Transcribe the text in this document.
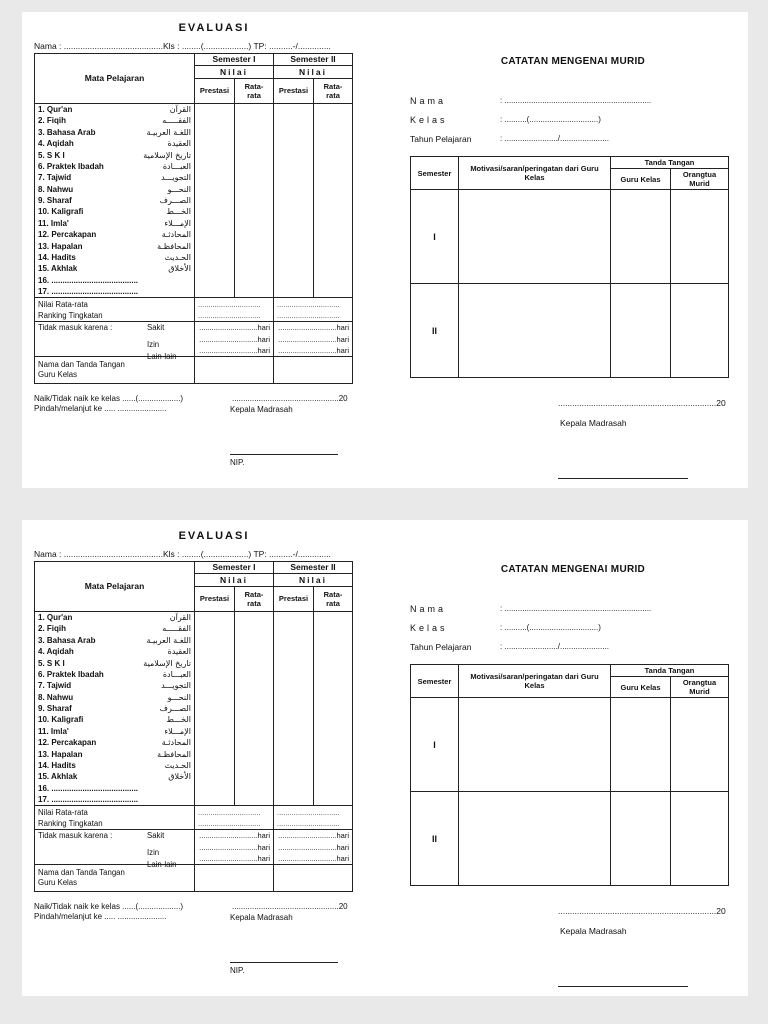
EVALUASI
Nama : ..........................................Kls : ........(...................) TP: ..........-/..............
Mata Pelajaran	Semester I		Semester II	
	Nilai		Nilai	
	Prestasi	Rata-rata	Prestasi	Rata-rata

1. Qur'an القرآن				

2. Fiqih الفقـــــه				

3. Bahasa Arab اللغـة العربيـة				

4. Aqidah العقيدة				

5. S K I تاريخ الإسلامية				

6. Praktek Ibadah العبـــادة				

7. Tajwid التجويـــد				

8. Nahwu النحـــو				

9. Sharaf الصـــرف				

10. Kaligrafi الخـــط				

11. Imla' الإمـــلاء				

12. Percakapan المحادثـة				

13. Hapalan المحافظـة				

14. Hadits الحـديث				

15. Akhlak الأخلاق				

16. .......................................				

17. .......................................				

Nilai Rata-rata	..............................		..............................	
Ranking Tingkatan	..............................		..............................	
Tidak masuk karena : Sakit	............................hari		............................hari	

Izin	............................hari		............................hari	

Lain-lain	............................hari		............................hari	

Nama dan Tanda Tangan
Guru Kelas				

Naik/Tidak naik ke kelas ......(...................)
Pindah/melanjut ke ..... ......................
................................................20
Kepala Madrasah
NIP.
CATATAN MENGENAI MURID
Nama	: ..................................................................
Kelas	: ..........(...............................)
Tahun Pelajaran	: ......................../......................
Semester	Motivasi/saran/peringatan dari Guru Kelas	Tanda Tangan	
		Guru Kelas	Orangtua Murid
I			
II			
...................................................................20
Kepala Madrasah
EVALUASI
Nama : ..........................................Kls : ........(...................) TP: ..........-/..............
Mata Pelajaran	Semester I		Semester II	
	Nilai		Nilai	
	Prestasi	Rata-rata	Prestasi	Rata-rata

1. Qur'an القرآن				

2. Fiqih الفقـــــه				

3. Bahasa Arab اللغـة العربيـة				

4. Aqidah العقيدة				

5. S K I تاريخ الإسلامية				

6. Praktek Ibadah العبـــادة				

7. Tajwid التجويـــد				

8. Nahwu النحـــو				

9. Sharaf الصـــرف				

10. Kaligrafi الخـــط				

11. Imla' الإمـــلاء				

12. Percakapan المحادثـة				

13. Hapalan المحافظـة				

14. Hadits الحـديث				

15. Akhlak الأخلاق				

16. .......................................				

17. .......................................				

Nilai Rata-rata	..............................		..............................	
Ranking Tingkatan	..............................		..............................	
Tidak masuk karena : Sakit	............................hari		............................hari	

Izin	............................hari		............................hari	

Lain-lain	............................hari		............................hari	

Nama dan Tanda Tangan
Guru Kelas				

Naik/Tidak naik ke kelas ......(...................)
Pindah/melanjut ke ..... ......................
................................................20
Kepala Madrasah
NIP.
CATATAN MENGENAI MURID
Nama	: ..................................................................
Kelas	: ..........(...............................)
Tahun Pelajaran	: ......................../......................
Semester	Motivasi/saran/peringatan dari Guru Kelas	Tanda Tangan	
		Guru Kelas	Orangtua Murid
I			
II			
...................................................................20
Kepala Madrasah
